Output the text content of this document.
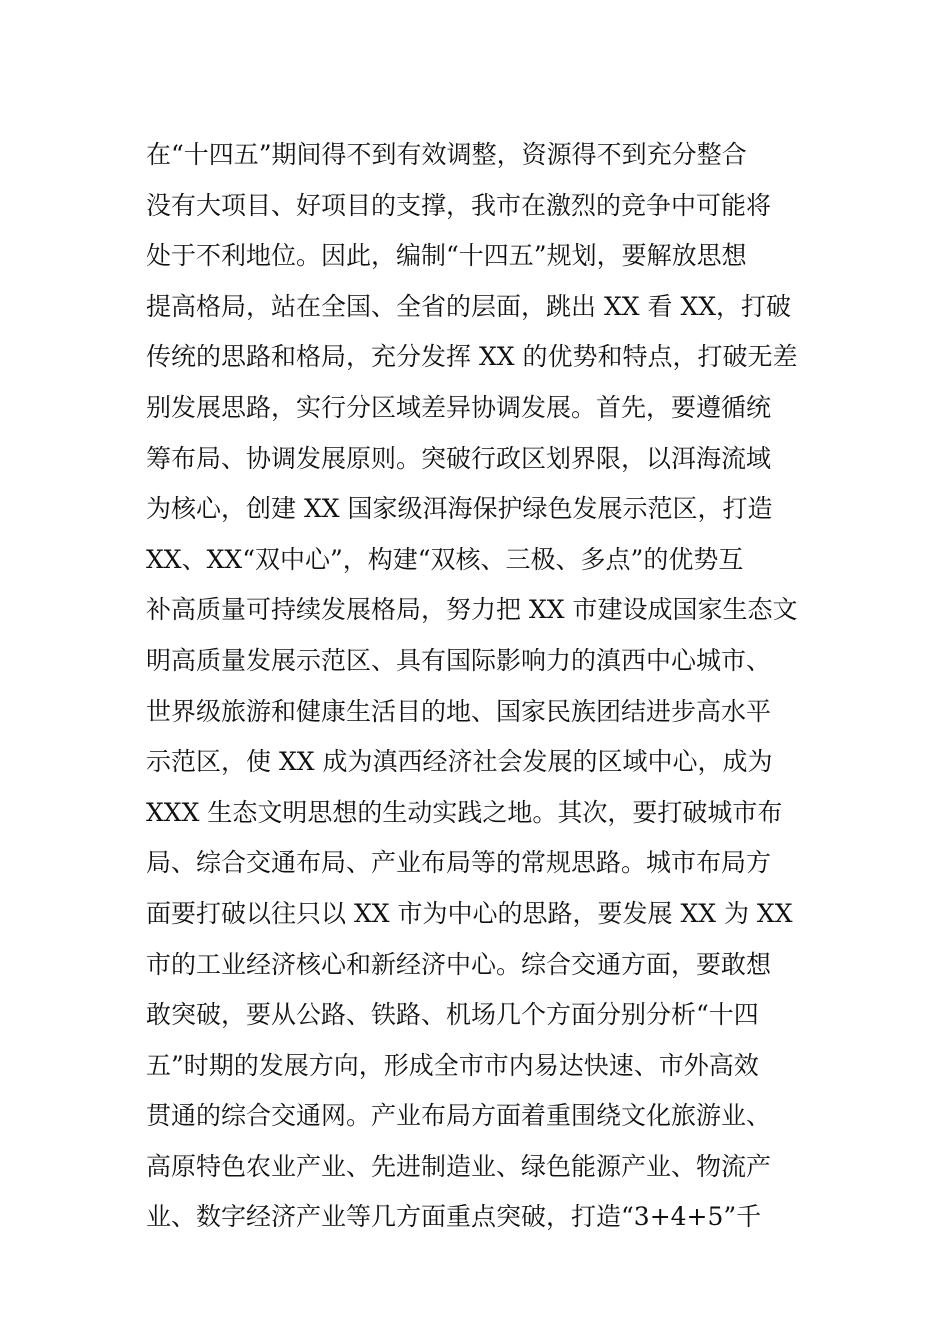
在“十四五”期间得不到有效调整，资源得不到充分整合
没有大项目、好项目的支撑，我市在激烈的竞争中可能将
处于不利地位。因此，编制“十四五”规划，要解放思想
提高格局，站在全国、全省的层面，跳出 XX 看 XX，打破
传统的思路和格局，充分发挥 XX 的优势和特点，打破无差
别发展思路，实行分区域差异协调发展。首先，要遵循统
筹布局、协调发展原则。突破行政区划界限，以洱海流域
为核心，创建 XX 国家级洱海保护绿色发展示范区，打造
XX、XX“双中心”，构建“双核、三极、多点”的优势互
补高质量可持续发展格局，努力把 XX 市建设成国家生态文
明高质量发展示范区、具有国际影响力的滇西中心城市、
世界级旅游和健康生活目的地、国家民族团结进步高水平
示范区，使 XX 成为滇西经济社会发展的区域中心，成为
XXX 生态文明思想的生动实践之地。其次，要打破城市布
局、综合交通布局、产业布局等的常规思路。城市布局方
面要打破以往只以 XX 市为中心的思路，要发展 XX 为 XX
市的工业经济核心和新经济中心。综合交通方面，要敢想
敢突破，要从公路、铁路、机场几个方面分别分析“十四
五”时期的发展方向，形成全市市内易达快速、市外高效
贯通的综合交通网。产业布局方面着重围绕文化旅游业、
高原特色农业产业、先进制造业、绿色能源产业、物流产
业、数字经济产业等几方面重点突破，打造“3+4+5”千
